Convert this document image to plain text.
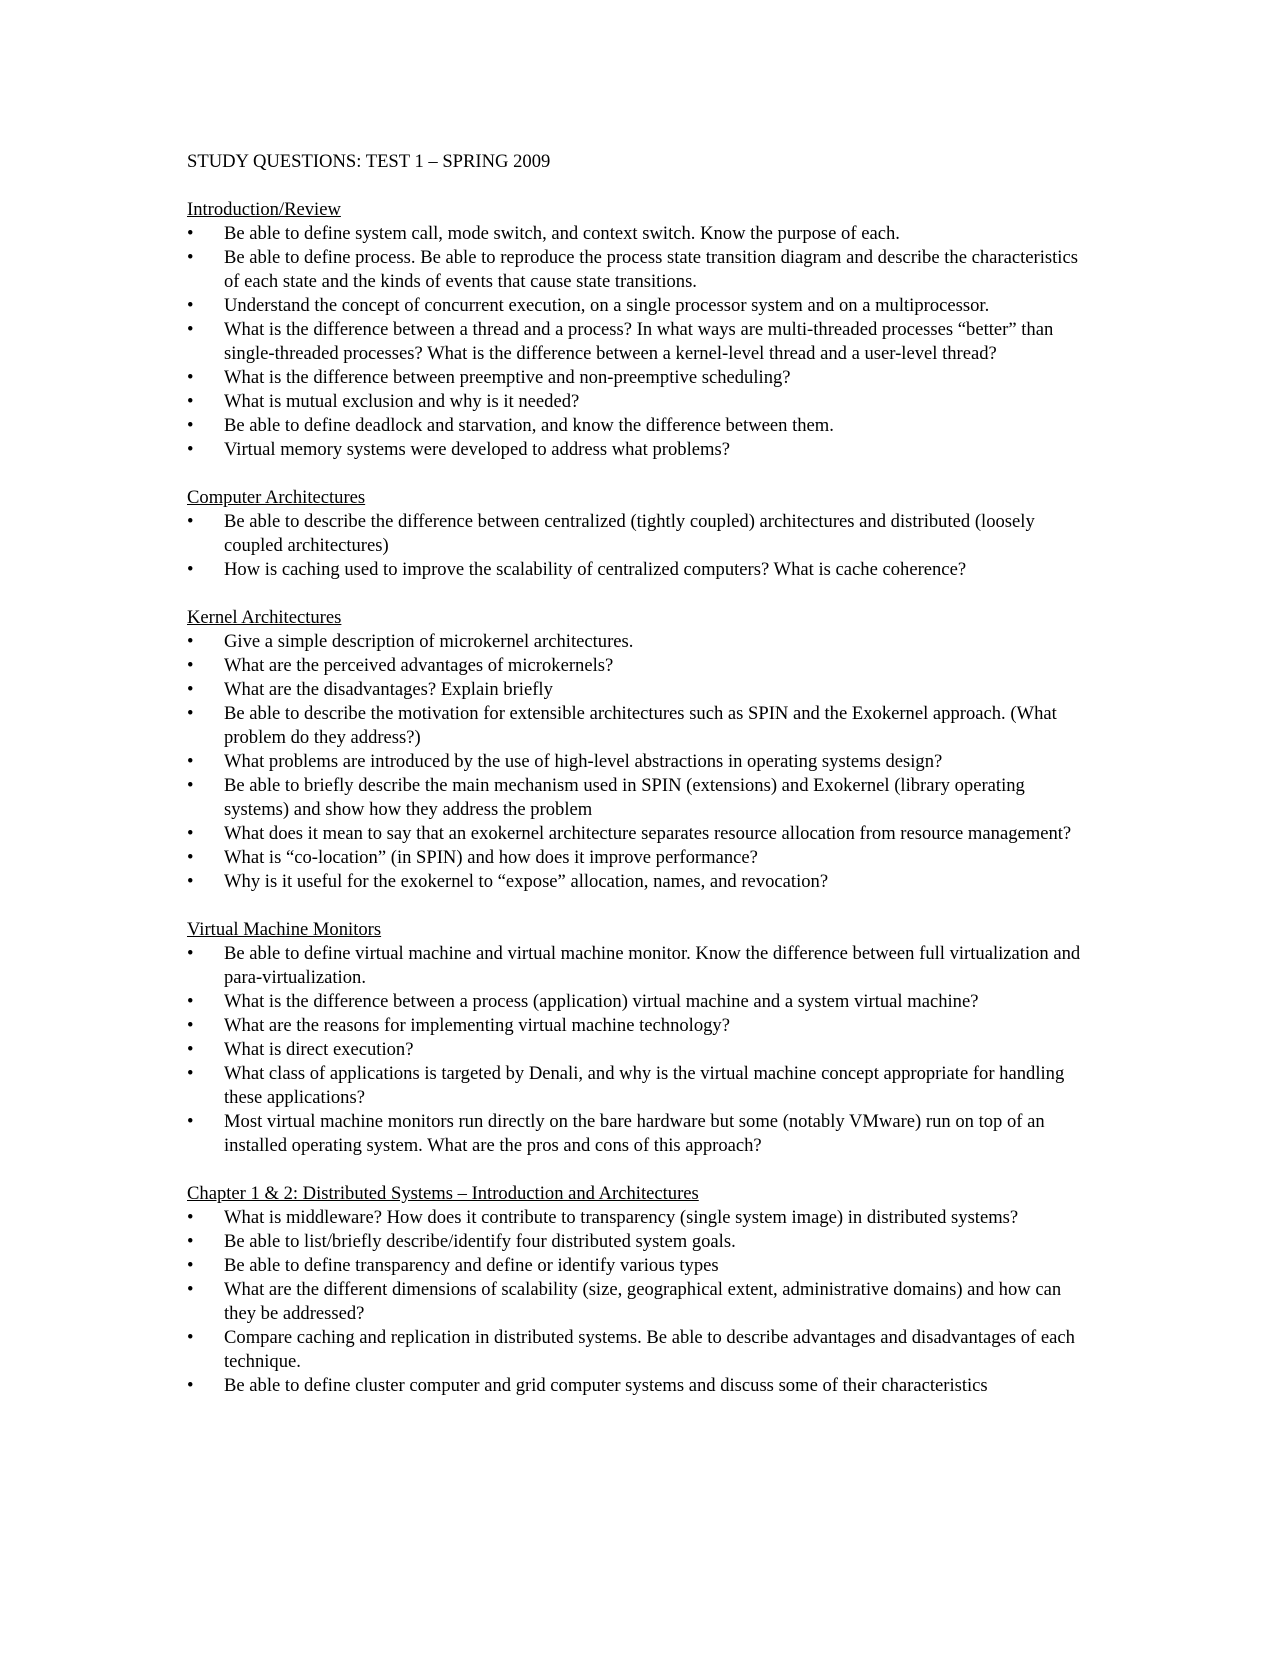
STUDY QUESTIONS: TEST 1 – SPRING 2009
Introduction/Review
• Be able to define system call, mode switch, and context switch. Know the purpose of each.
• Be able to define process. Be able to reproduce the process state transition diagram and describe the characteristics of each state and the kinds of events that cause state transitions.
• Understand the concept of concurrent execution, on a single processor system and on a multiprocessor.
• What is the difference between a thread and a process? In what ways are multi-threaded processes “better” than single-threaded processes? What is the difference between a kernel-level thread and a user-level thread?
• What is the difference between preemptive and non-preemptive scheduling?
• What is mutual exclusion and why is it needed?
• Be able to define deadlock and starvation, and know the difference between them.
• Virtual memory systems were developed to address what problems?
Computer Architectures
• Be able to describe the difference between centralized (tightly coupled) architectures and distributed (loosely coupled architectures)
• How is caching used to improve the scalability of centralized computers? What is cache coherence?
Kernel Architectures
• Give a simple description of microkernel architectures.
• What are the perceived advantages of microkernels?
• What are the disadvantages? Explain briefly
• Be able to describe the motivation for extensible architectures such as SPIN and the Exokernel approach. (What problem do they address?)
• What problems are introduced by the use of high-level abstractions in operating systems design?
• Be able to briefly describe the main mechanism used in SPIN (extensions) and Exokernel (library operating systems) and show how they address the problem
• What does it mean to say that an exokernel architecture separates resource allocation from resource management?
• What is “co-location” (in SPIN) and how does it improve performance?
• Why is it useful for the exokernel to “expose” allocation, names, and revocation?
Virtual Machine Monitors
• Be able to define virtual machine and virtual machine monitor. Know the difference between full virtualization and para-virtualization.
• What is the difference between a process (application) virtual machine and a system virtual machine?
• What are the reasons for implementing virtual machine technology?
• What is direct execution?
• What class of applications is targeted by Denali, and why is the virtual machine concept appropriate for handling these applications?
• Most virtual machine monitors run directly on the bare hardware but some (notably VMware) run on top of an installed operating system. What are the pros and cons of this approach?
Chapter 1 & 2: Distributed Systems – Introduction and Architectures
• What is middleware? How does it contribute to transparency (single system image) in distributed systems?
• Be able to list/briefly describe/identify four distributed system goals.
• Be able to define transparency and define or identify various types
• What are the different dimensions of scalability (size, geographical extent, administrative domains) and how can they be addressed?
• Compare caching and replication in distributed systems. Be able to describe advantages and disadvantages of each technique.
• Be able to define cluster computer and grid computer systems and discuss some of their characteristics
